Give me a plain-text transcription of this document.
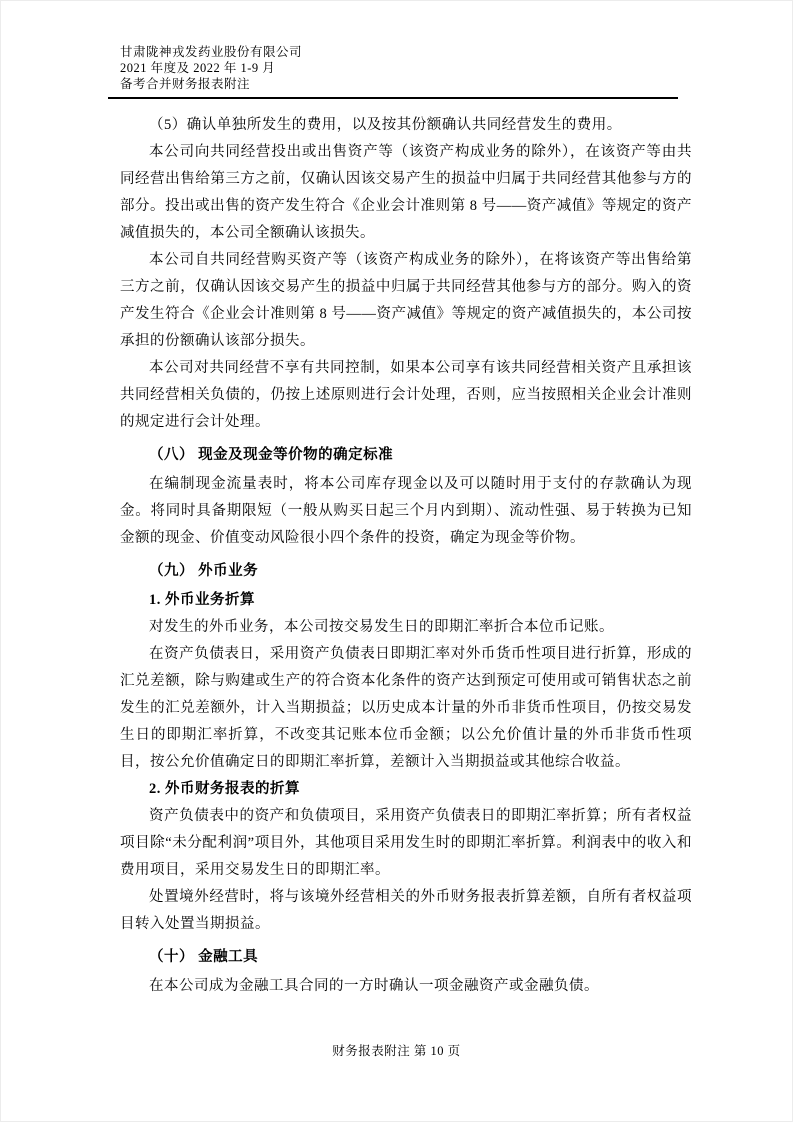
甘肃陇神戎发药业股份有限公司
2021 年度及 2022 年 1-9 月
备考合并财务报表附注

（5）确认单独所发生的费用，以及按其份额确认共同经营发生的费用。

本公司向共同经营投出或出售资产等（该资产构成业务的除外），在该资产等由共同经营出售给第三方之前，仅确认因该交易产生的损益中归属于共同经营其他参与方的部分。投出或出售的资产发生符合《企业会计准则第 8 号——资产减值》等规定的资产减值损失的，本公司全额确认该损失。

本公司自共同经营购买资产等（该资产构成业务的除外），在将该资产等出售给第三方之前，仅确认因该交易产生的损益中归属于共同经营其他参与方的部分。购入的资产发生符合《企业会计准则第 8 号——资产减值》等规定的资产减值损失的，本公司按承担的份额确认该部分损失。

本公司对共同经营不享有共同控制，如果本公司享有该共同经营相关资产且承担该共同经营相关负债的，仍按上述原则进行会计处理，否则，应当按照相关企业会计准则的规定进行会计处理。

（八） 现金及现金等价物的确定标准

在编制现金流量表时，将本公司库存现金以及可以随时用于支付的存款确认为现金。将同时具备期限短（一般从购买日起三个月内到期）、流动性强、易于转换为已知金额的现金、价值变动风险很小四个条件的投资，确定为现金等价物。

（九） 外币业务
1. 外币业务折算

对发生的外币业务，本公司按交易发生日的即期汇率折合本位币记账。

在资产负债表日，采用资产负债表日即期汇率对外币货币性项目进行折算，形成的汇兑差额，除与购建或生产的符合资本化条件的资产达到预定可使用或可销售状态之前发生的汇兑差额外，计入当期损益；以历史成本计量的外币非货币性项目，仍按交易发生日的即期汇率折算，不改变其记账本位币金额；以公允价值计量的外币非货币性项目，按公允价值确定日的即期汇率折算，差额计入当期损益或其他综合收益。

2. 外币财务报表的折算

资产负债表中的资产和负债项目，采用资产负债表日的即期汇率折算；所有者权益项目除“未分配利润”项目外，其他项目采用发生时的即期汇率折算。利润表中的收入和费用项目，采用交易发生日的即期汇率。

处置境外经营时，将与该境外经营相关的外币财务报表折算差额，自所有者权益项目转入处置当期损益。

（十） 金融工具

在本公司成为金融工具合同的一方时确认一项金融资产或金融负债。

财务报表附注 第 10 页
